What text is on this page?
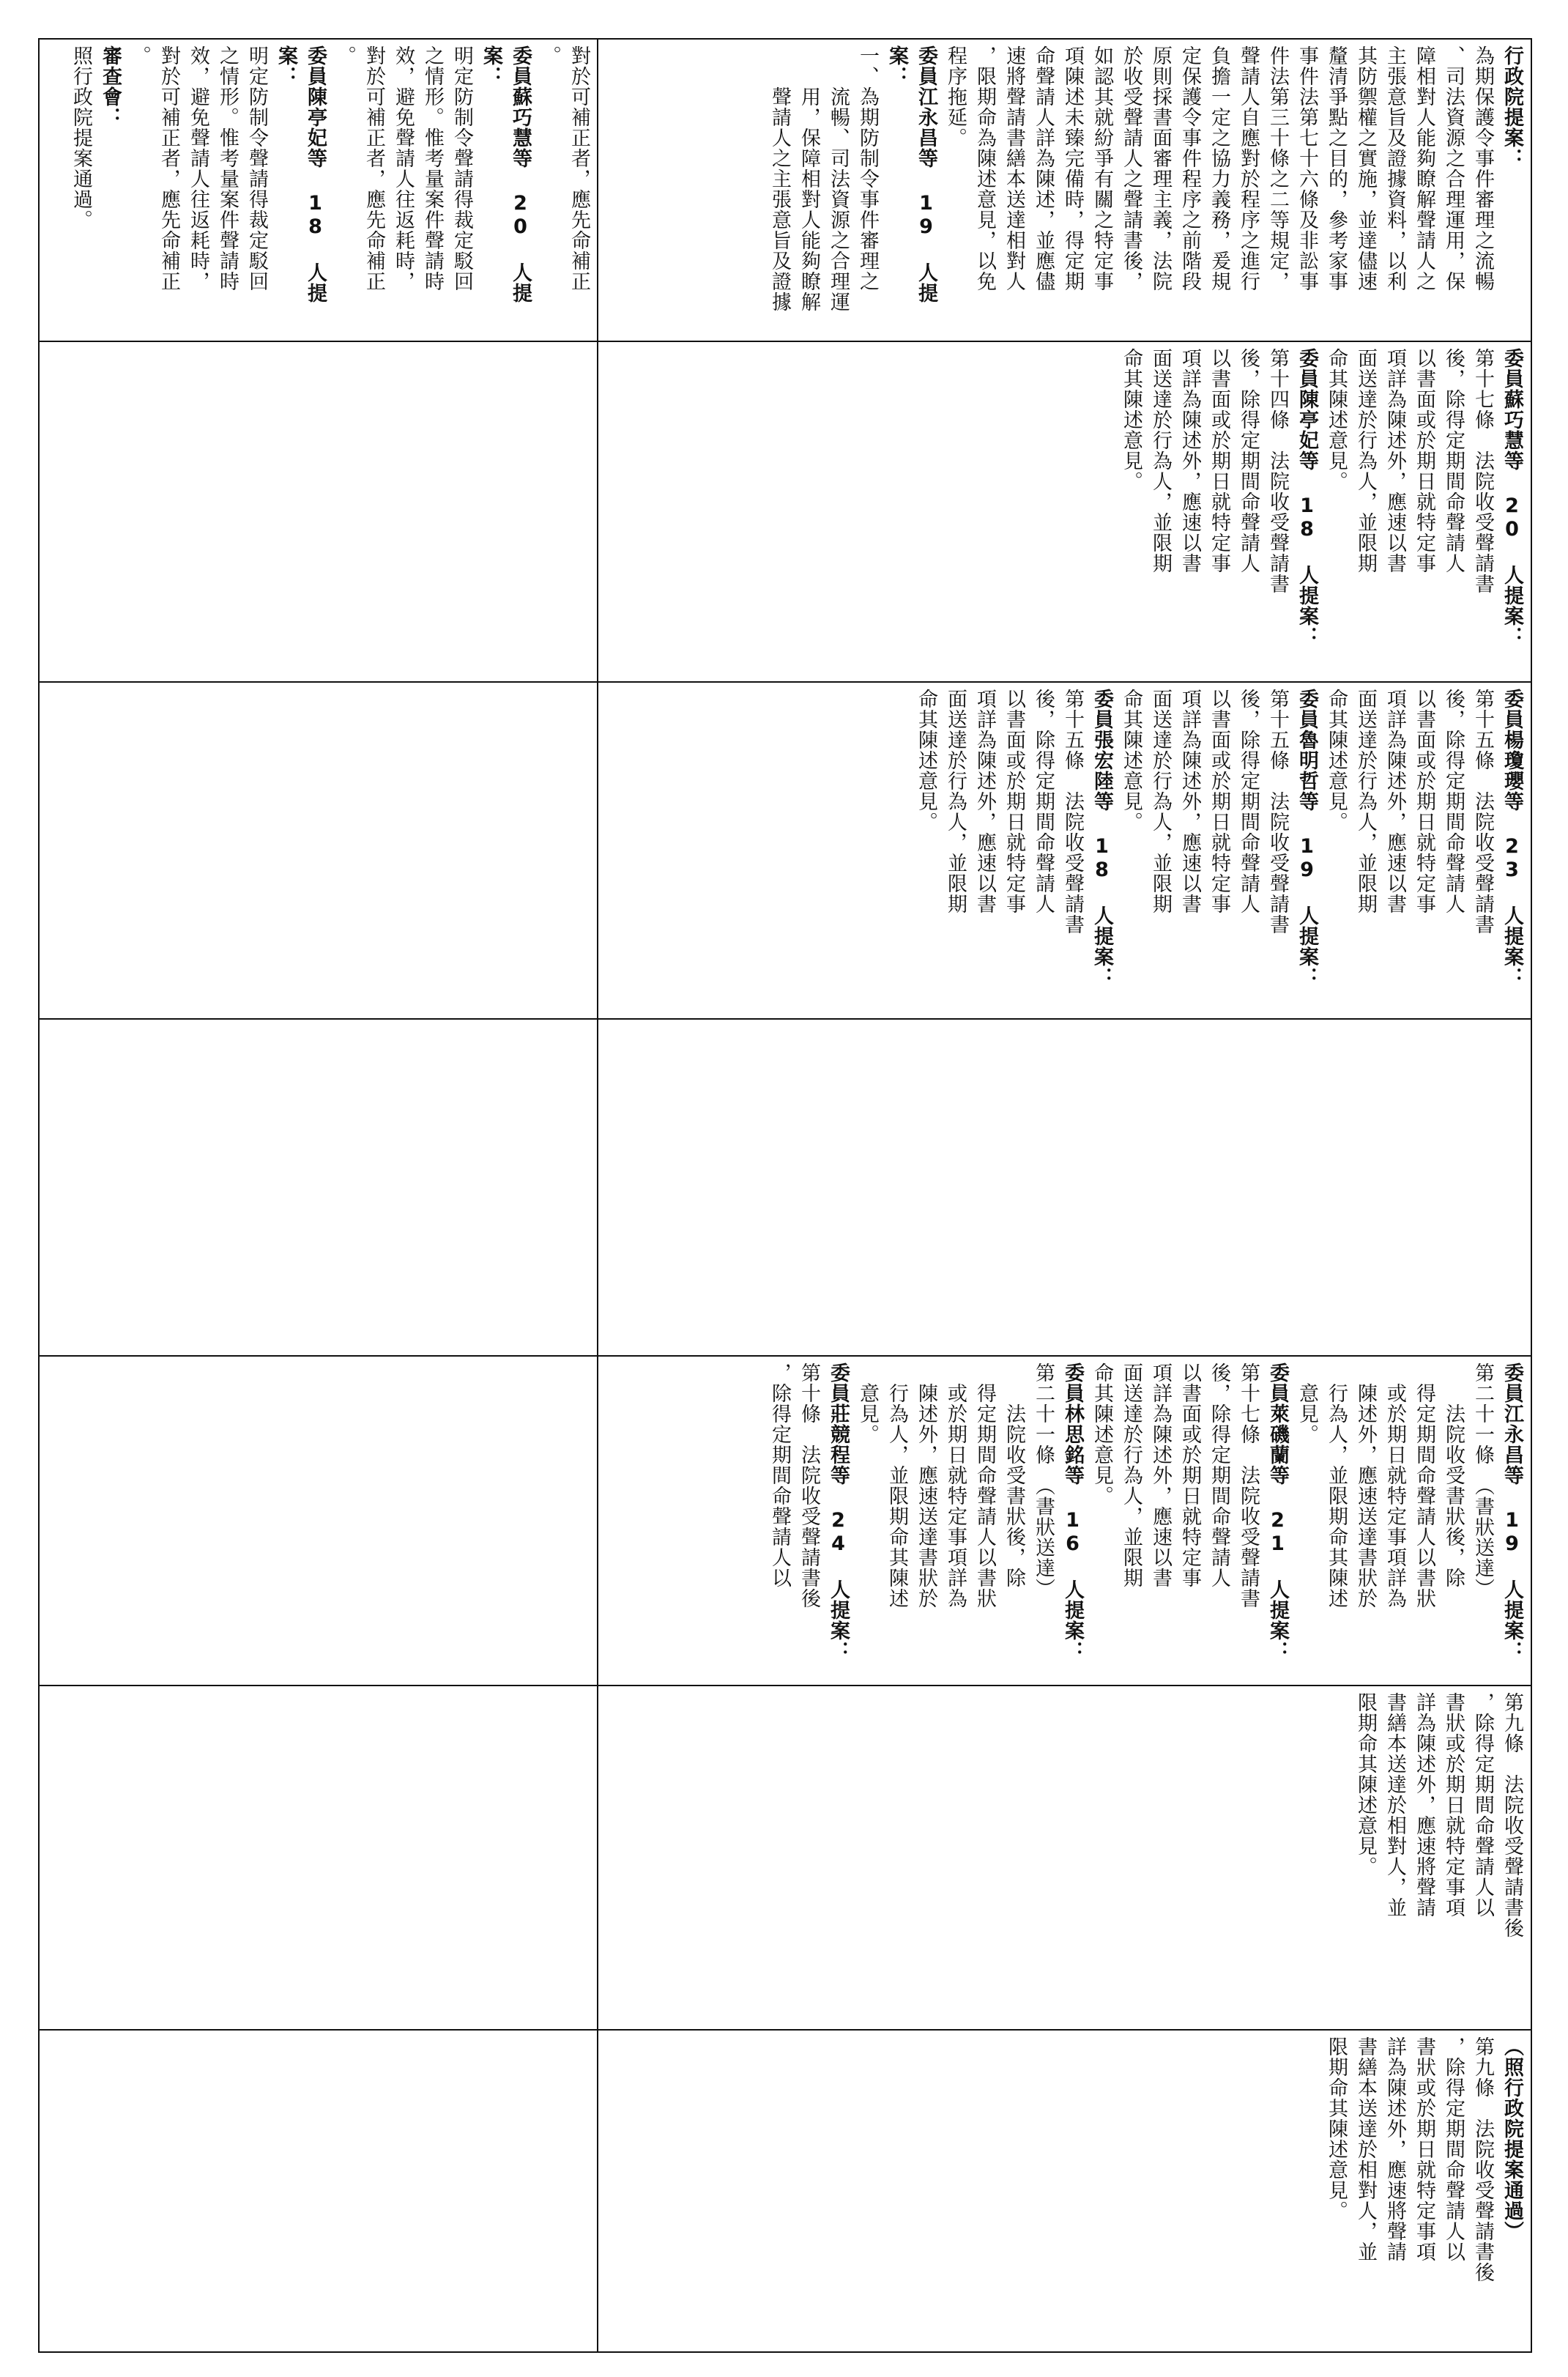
對於可補正者，應先命補正

。

委員蘇巧慧等 20 人提案：

明定防制令聲請得裁定駁回

之情形。惟考量案件聲請時

效，避免聲請人往返耗時，

對於可補正者，應先命補正

。

委員陳亭妃等 18 人提案：

明定防制令聲請得裁定駁回

之情形。惟考量案件聲請時

效，避免聲請人往返耗時，

對於可補正者，應先命補正

。

審查會：

照行政院提案通過。	行政院提案：

為期保護令事件審理之流暢

、司法資源之合理運用，保

障相對人能夠瞭解聲請人之

主張意旨及證據資料，以利

其防禦權之實施，並達儘速

釐清爭點之目的，參考家事

事件法第七十六條及非訟事

件法第三十條之二等規定，

聲請人自應對於程序之進行

負擔一定之協力義務，爰規

定保護令事件程序之前階段

原則採書面審理主義，法院

於收受聲請人之聲請書後，

如認其就紛爭有關之特定事

項陳述未臻完備時，得定期

命聲請人詳為陳述，並應儘

速將聲請書繕本送達相對人

，限期命為陳述意見，以免

程序拖延。

委員江永昌等 19 人提案：

一、為期防制令事件審理之

　　流暢、司法資源之合理運

　　用，保障相對人能夠瞭解

　　聲請人之主張意旨及證據

委員蘇巧慧等 20 人提案：

第十七條　法院收受聲請書

後，除得定期間命聲請人

以書面或於期日就特定事

項詳為陳述外，應速以書

面送達於行為人，並限期

命其陳述意見。

委員陳亭妃等 18 人提案：

第十四條　法院收受聲請書

後，除得定期間命聲請人

以書面或於期日就特定事

項詳為陳述外，應速以書

面送達於行為人，並限期

命其陳述意見。

委員楊瓊瓔等 23 人提案：

第十五條　法院收受聲請書

後，除得定期間命聲請人

以書面或於期日就特定事

項詳為陳述外，應速以書

面送達於行為人，並限期

命其陳述意見。

委員魯明哲等 19 人提案：

第十五條　法院收受聲請書

後，除得定期間命聲請人

以書面或於期日就特定事

項詳為陳述外，應速以書

面送達於行為人，並限期

命其陳述意見。

委員張宏陸等 18 人提案：

第十五條　法院收受聲請書

後，除得定期間命聲請人

以書面或於期日就特定事

項詳為陳述外，應速以書

面送達於行為人，並限期

命其陳述意見。

委員江永昌等 19 人提案：

第二十一條　（書狀送達）

　　法院收受書狀後，除

　得定期間命聲請人以書狀

　或於期日就特定事項詳為

　陳述外，應速送達書狀於

　行為人，並限期命其陳述

　意見。

委員萊磯蘭等 21 人提案：

第十七條　法院收受聲請書

後，除得定期間命聲請人

以書面或於期日就特定事

項詳為陳述外，應速以書

面送達於行為人，並限期

命其陳述意見。

委員林思銘等 16 人提案：

第二十一條　（書狀送達）

　　法院收受書狀後，除

　得定期間命聲請人以書狀

　或於期日就特定事項詳為

　陳述外，應速送達書狀於

　行為人，並限期命其陳述

　意見。

委員莊競程等 24 人提案：

第十條　法院收受聲請書後

，除得定期間命聲請人以

第九條　法院收受聲請書後

，除得定期間命聲請人以

書狀或於期日就特定事項

詳為陳述外，應速將聲請

書繕本送達於相對人，並

限期命其陳述意見。

（照行政院提案通過）

第九條　法院收受聲請書後

，除得定期間命聲請人以

書狀或於期日就特定事項

詳為陳述外，應速將聲請

書繕本送達於相對人，並

限期命其陳述意見。
